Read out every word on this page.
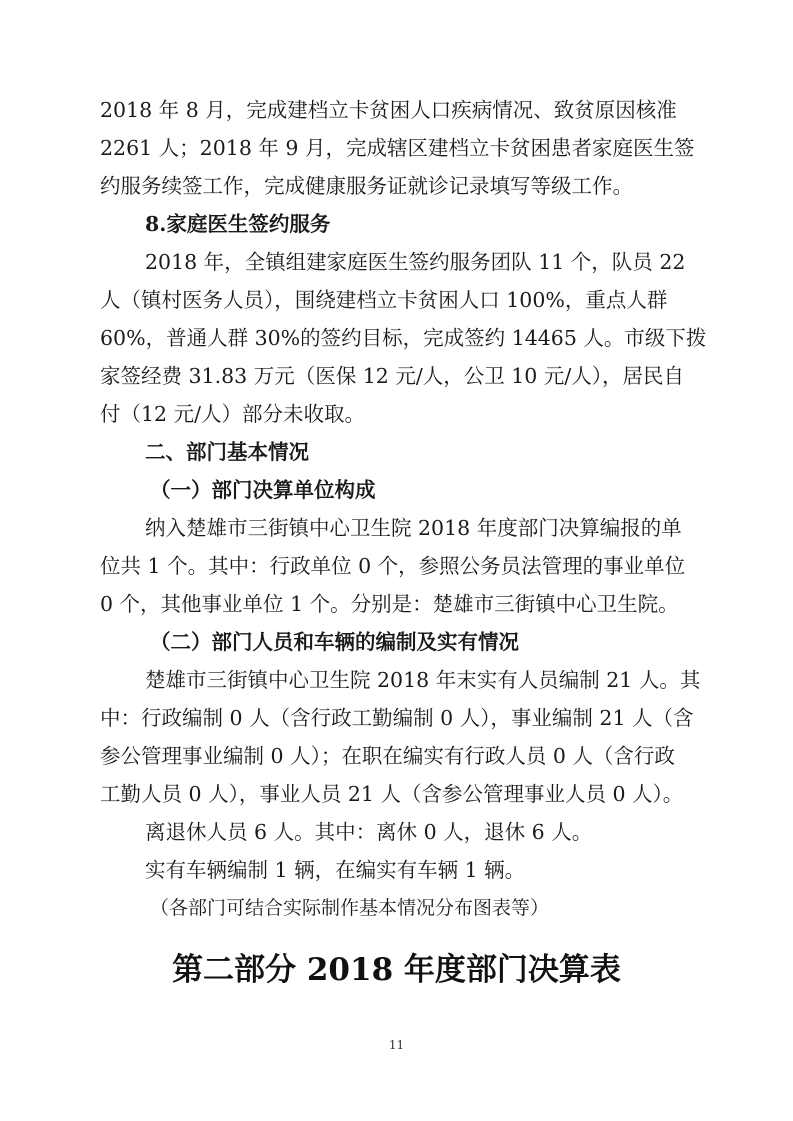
2018 年 8 月，完成建档立卡贫困人口疾病情况、致贫原因核准
2261 人；2018 年 9 月，完成辖区建档立卡贫困患者家庭医生签
约服务续签工作，完成健康服务证就诊记录填写等级工作。
8.家庭医生签约服务
2018 年，全镇组建家庭医生签约服务团队 11 个，队员 22
人（镇村医务人员），围绕建档立卡贫困人口 100%，重点人群
60%，普通人群 30%的签约目标，完成签约 14465 人。市级下拨
家签经费 31.83 万元（医保 12 元/人，公卫 10 元/人），居民自
付（12 元/人）部分未收取。
二、部门基本情况
（一）部门决算单位构成
纳入楚雄市三街镇中心卫生院 2018 年度部门决算编报的单
位共 1 个。其中：行政单位 0 个，参照公务员法管理的事业单位
0 个，其他事业单位 1 个。分别是：楚雄市三街镇中心卫生院。
（二）部门人员和车辆的编制及实有情况
楚雄市三街镇中心卫生院 2018 年末实有人员编制 21 人。其
中：行政编制 0 人（含行政工勤编制 0 人），事业编制 21 人（含
参公管理事业编制 0 人）；在职在编实有行政人员 0 人（含行政
工勤人员 0 人），事业人员 21 人（含参公管理事业人员 0 人）。
离退休人员 6 人。其中：离休 0 人，退休 6 人。
实有车辆编制 1 辆，在编实有车辆 1 辆。
（各部门可结合实际制作基本情况分布图表等）
第二部分 2018 年度部门决算表
11
